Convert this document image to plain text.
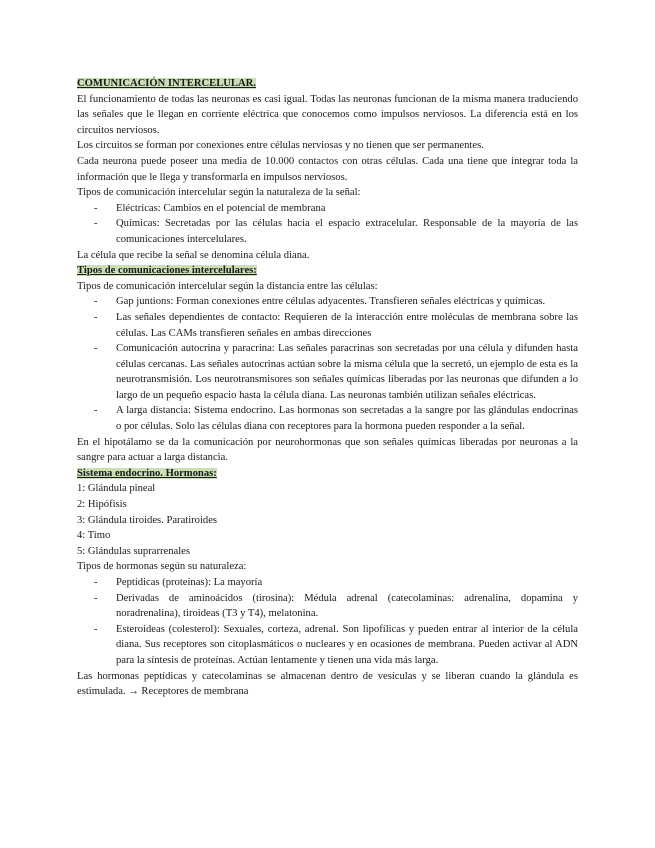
COMUNICACIÓN INTERCELULAR.

El funcionamiento de todas las neuronas es casi igual. Todas las neuronas funcionan de la misma manera traduciendo las señales que le llegan en corriente eléctrica que conocemos como impulsos nerviosos. La diferencia está en los circuitos nerviosos.

Los circuitos se forman por conexiones entre células nerviosas y no tienen que ser permanentes.

Cada neurona puede poseer una media de 10.000 contactos con otras células. Cada una tiene que integrar toda la información que le llega y transformarla en impulsos nerviosos.

Tipos de comunicación intercelular según la naturaleza de la señal:

- Eléctricas: Cambios en el potencial de membrana
- Químicas: Secretadas por las células hacia el espacio extracelular. Responsable de la mayoría de las comunicaciones intercelulares.

La célula que recibe la señal se denomina célula diana.

Tipos de comunicaciones intercelulares:

Tipos de comunicación intercelular según la distancia entre las células:

- Gap juntions: Forman conexiones entre células adyacentes. Transfieren señales eléctricas y químicas.
- Las señales dependientes de contacto: Requieren de la interacción entre moléculas de membrana sobre las células. Las CAMs transfieren señales en ambas direcciones
- Comunicación autocrina y paracrina: Las señales paracrinas son secretadas por una célula y difunden hasta células cercanas. Las señales autocrinas actúan sobre la misma célula que la secretó, un ejemplo de esta es la neurotransmisión. Los neurotransmisores son señales químicas liberadas por las neuronas que difunden a lo largo de un pequeño espacio hasta la célula diana. Las neuronas también utilizan señales eléctricas.
- A larga distancia: Sistema endocrino. Las hormonas son secretadas a la sangre por las glándulas endocrinas o por células. Solo las células diana con receptores para la hormona pueden responder a la señal.

En el hipotálamo se da la comunicación por neurohormonas que son señales químicas liberadas por neuronas a la sangre para actuar a larga distancia.

Sistema endocrino. Hormonas:

1: Glándula pineal

2: Hipófisis

3: Glándula tiroides. Paratiroides

4: Timo

5: Glándulas suprarrenales

Tipos de hormonas según su naturaleza:

- Peptídicas (proteínas): La mayoría
- Derivadas de aminoácidos (tirosina): Médula adrenal (catecolaminas: adrenalina, dopamina y noradrenalina), tiroideas (T3 y T4), melatonina.
- Esteroideas (colesterol): Sexuales, corteza, adrenal. Son lipofílicas y pueden entrar al interior de la célula diana. Sus receptores son citoplasmáticos o nucleares y en ocasiones de membrana. Pueden activar al ADN para la síntesis de proteínas. Actúan lentamente y tienen una vida más larga.

Las hormonas peptídicas y catecolaminas se almacenan dentro de vesículas y se liberan cuando la glándula es estimulada. → Receptores de membrana
